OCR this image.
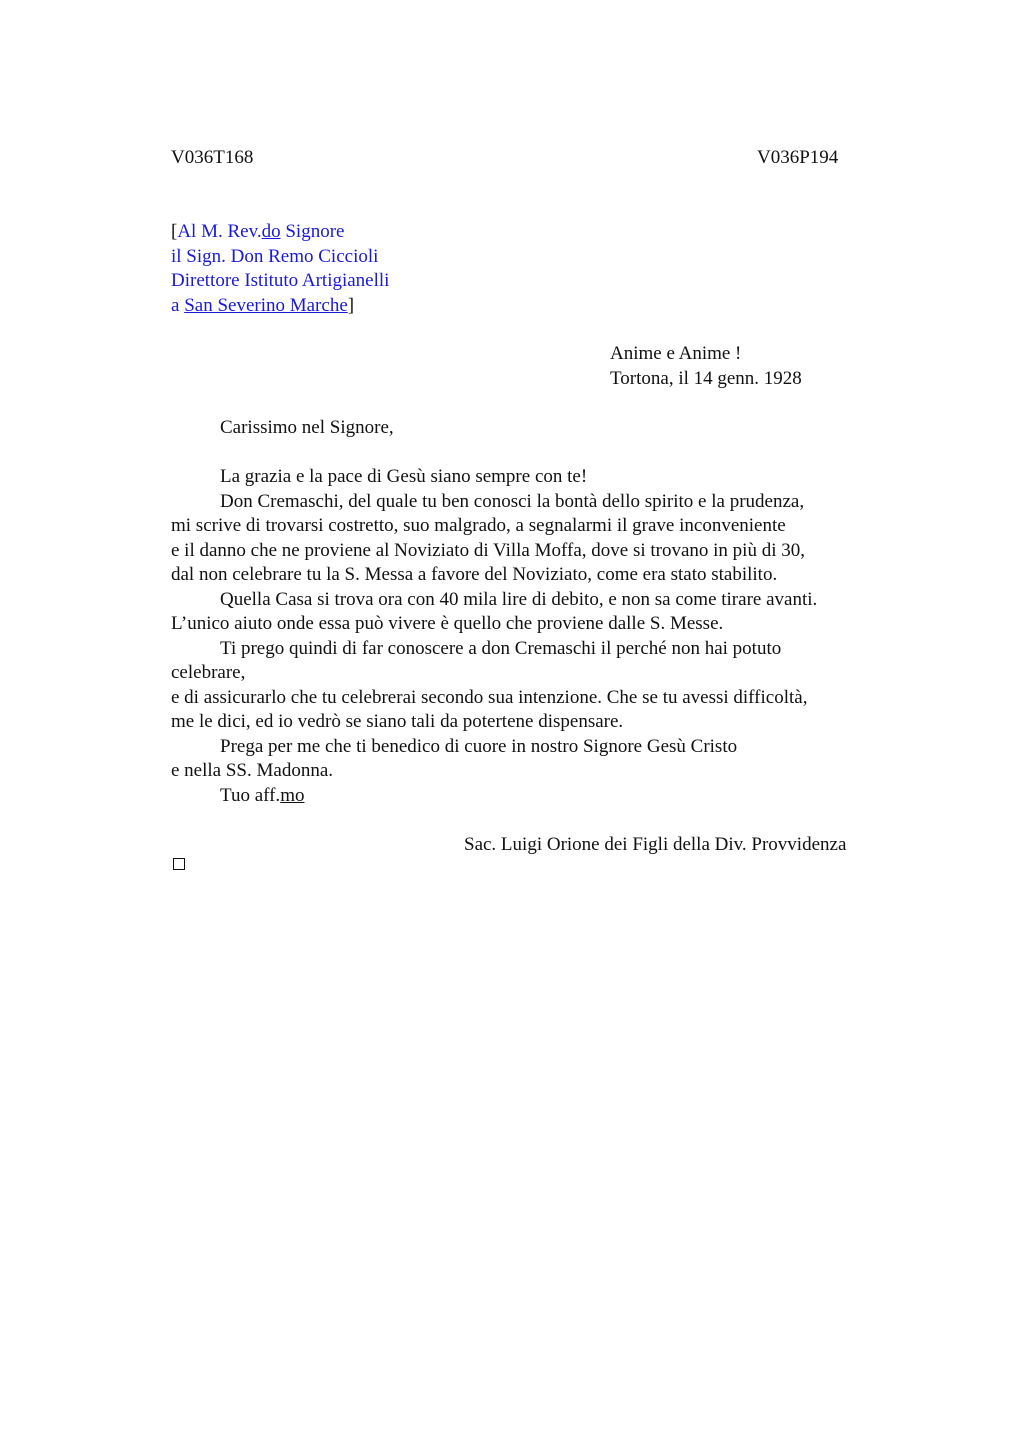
V036T168	V036P194
[Al M. Rev.do Signore
il Sign. Don Remo Ciccioli
Direttore Istituto Artigianelli
a San Severino Marche]
Anime e Anime !
Tortona, il 14 genn. 1928
Carissimo nel Signore,
La grazia e la pace di Gesù siano sempre con te!
Don Cremaschi, del quale tu ben conosci la bontà dello spirito e la prudenza,
mi scrive di trovarsi costretto, suo malgrado, a segnalarmi il grave inconveniente
e il danno che ne proviene al Noviziato di Villa Moffa, dove si trovano in più di 30,
dal non celebrare tu la S. Messa a favore del Noviziato, come era stato stabilito.
Quella Casa si trova ora con 40 mila lire di debito, e non sa come tirare avanti.
L’unico aiuto onde essa può vivere è quello che proviene dalle S. Messe.
Ti prego quindi di far conoscere a don Cremaschi il perché non hai potuto
celebrare,
e di assicurarlo che tu celebrerai secondo sua intenzione. Che se tu avessi difficoltà,
me le dici, ed io vedrò se siano tali da potertene dispensare.
Prega per me che ti benedico di cuore in nostro Signore Gesù Cristo
e nella SS. Madonna.
Tuo aff.mo
Sac. Luigi Orione dei Figli della Div. Provvidenza
